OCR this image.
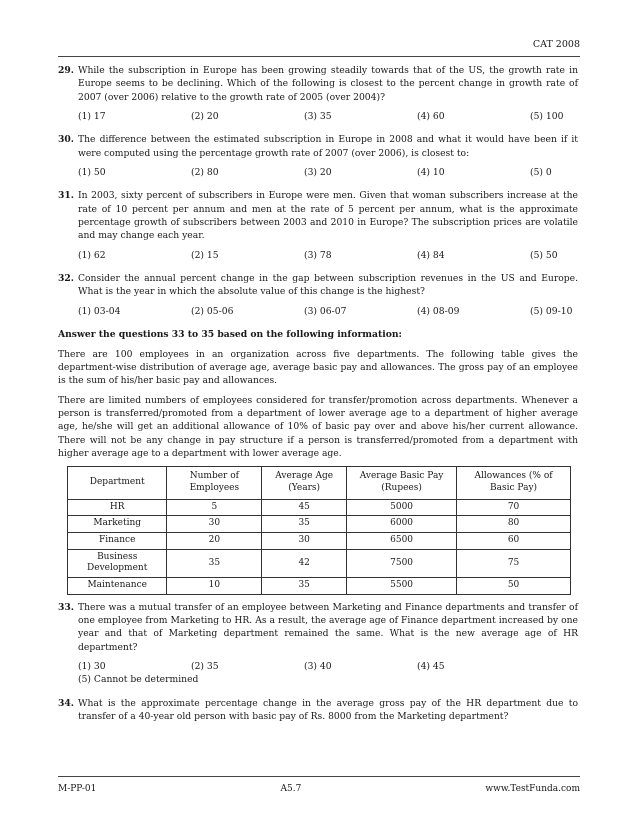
CAT 2008
29. While the subscription in Europe has been growing steadily towards that of the US, the growth rate in Europe seems to be declining. Which of the following is closest to the percent change in growth rate of 2007 (over 2006) relative to the growth rate of 2005 (over 2004)?

(1) 17	(2) 20	(3) 35	(4) 60	(5) 100
30. The difference between the estimated subscription in Europe in 2008 and what it would have been if it were computed using the percentage growth rate of 2007 (over 2006), is closest to:

(1) 50	(2) 80	(3) 20	(4) 10	(5) 0
31. In 2003, sixty percent of subscribers in Europe were men. Given that woman subscribers increase at the rate of 10 percent per annum and men at the rate of 5 percent per annum, what is the approximate percentage growth of subscribers between 2003 and 2010 in Europe? The subscription prices are volatile and may change each year.

(1) 62	(2) 15	(3) 78	(4) 84	(5) 50
32. Consider the annual percent change in the gap between subscription revenues in the US and Europe. What is the year in which the absolute value of this change is the highest?

(1) 03-04	(2) 05-06	(3) 06-07	(4) 08-09	(5) 09-10
Answer the questions 33 to 35 based on the following information:

There are 100 employees in an organization across five departments. The following table gives the department-wise distribution of average age, average basic pay and allowances. The gross pay of an employee is the sum of his/her basic pay and allowances.

There are limited numbers of employees considered for transfer/promotion across departments. Whenever a person is transferred/promoted from a department of lower average age to a department of higher average age, he/she will get an additional allowance of 10% of basic pay over and above his/her current allowance. There will not be any change in pay structure if a person is transferred/promoted from a department with higher average age to a department with lower average age.

Department	Number of Employees	Average Age (Years)	Average Basic Pay (Rupees)	Allowances (% of Basic Pay)
HR	5	45	5000	70
Marketing	30	35	6000	80
Finance	20	30	6500	60
Business Development	35	42	7500	75
Maintenance	10	35	5500	50
33. There was a mutual transfer of an employee between Marketing and Finance departments and transfer of one employee from Marketing to HR. As a result, the average age of Finance department increased by one year and that of Marketing department remained the same. What is the new average age of HR department?

(1) 30	(2) 35	(3) 40	(4) 45
(5) Cannot be determined
34. What is the approximate percentage change in the average gross pay of the HR department due to transfer of a 40-year old person with basic pay of Rs. 8000 from the Marketing department?

M-PP-01	A5.7	www.TestFunda.com
